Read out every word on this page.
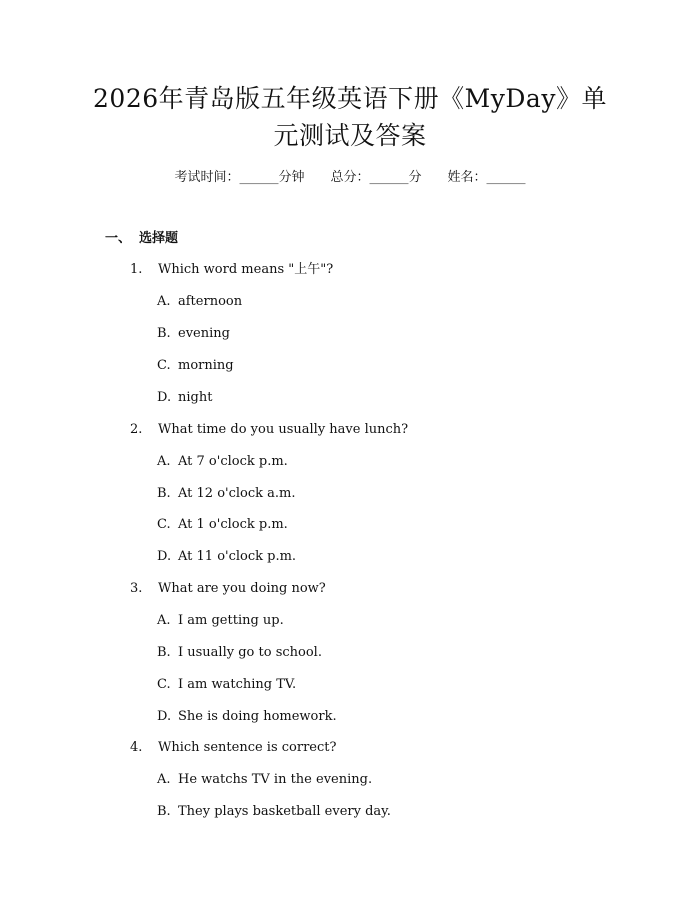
2026年青岛版五年级英语下册《MyDay》单
元测试及答案
考试时间：______分钟 总分：______分 姓名：______
一、 选择题
1. Which word means "上午"?
A. afternoon
B. evening
C. morning
D. night
2. What time do you usually have lunch?
A. At 7 o'clock p.m.
B. At 12 o'clock a.m.
C. At 1 o'clock p.m.
D. At 11 o'clock p.m.
3. What are you doing now?
A. I am getting up.
B. I usually go to school.
C. I am watching TV.
D. She is doing homework.
4. Which sentence is correct?
A. He watchs TV in the evening.
B. They plays basketball every day.
